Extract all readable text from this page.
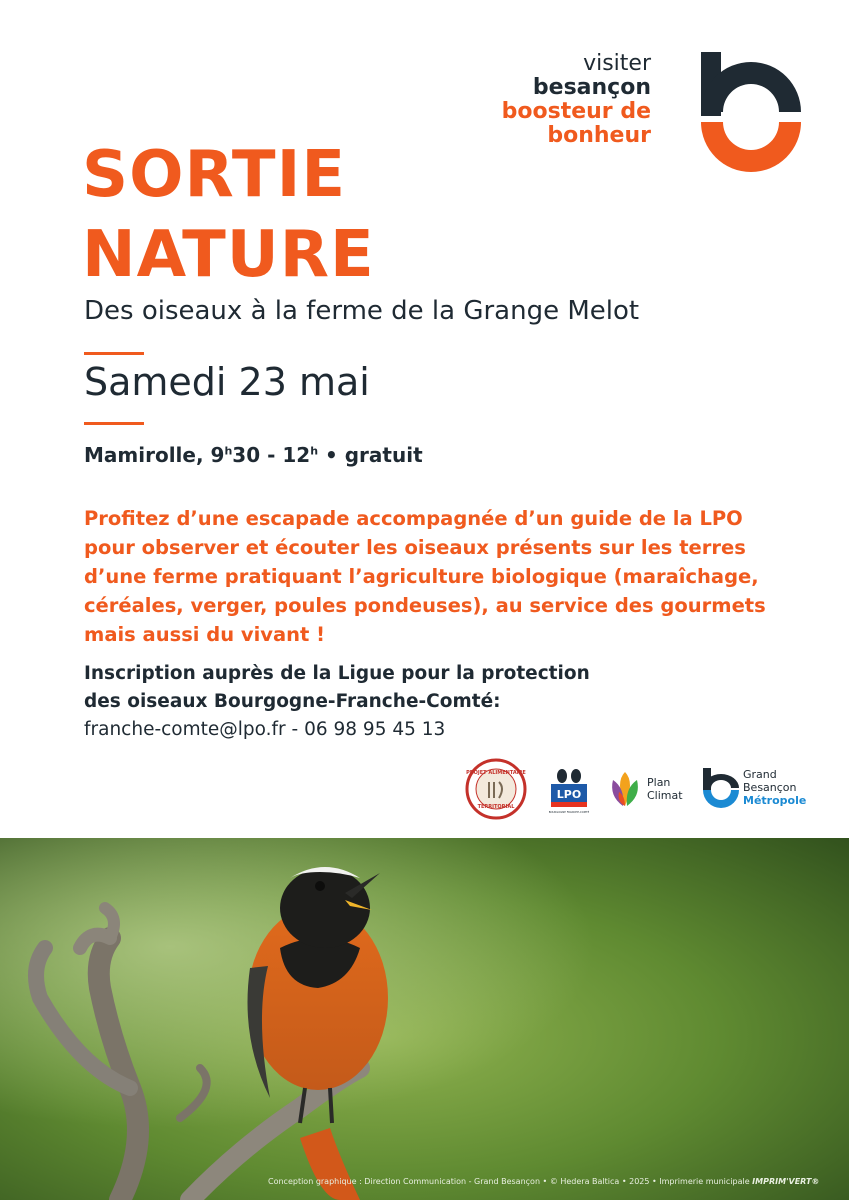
visiter
besançon
boosteur de
bonheur
SORTIE
NATURE
Des oiseaux à la ferme de la Grange Melot
Samedi 23 mai
Mamirolle, 9$^h$30 - 12$^h$ • gratuit
Profitez d’une escapade accompagnée d’un guide de la LPO pour observer et écouter les oiseaux présents sur les terres d’une ferme pratiquant l’agriculture biologique (maraîchage, céréales, verger, poules pondeuses), au service des gourmets mais aussi du vivant !
Inscription auprès de la Ligue pour la protection
des oiseaux Bourgogne-Franche-Comté:
franche-comte@lpo.fr - 06 98 95 45 13
PROJET ALIMENTAIRE
TERRITORIAL
LPO
BOURGOGNE FRANCHE-COMTÉ
Plan
Climat
Grand
Besançon
Métropole
Conception graphique : Direction Communication - Grand Besançon • © Hedera Baltica • 2025 • Imprimerie municipale IMPRIM'VERT®
